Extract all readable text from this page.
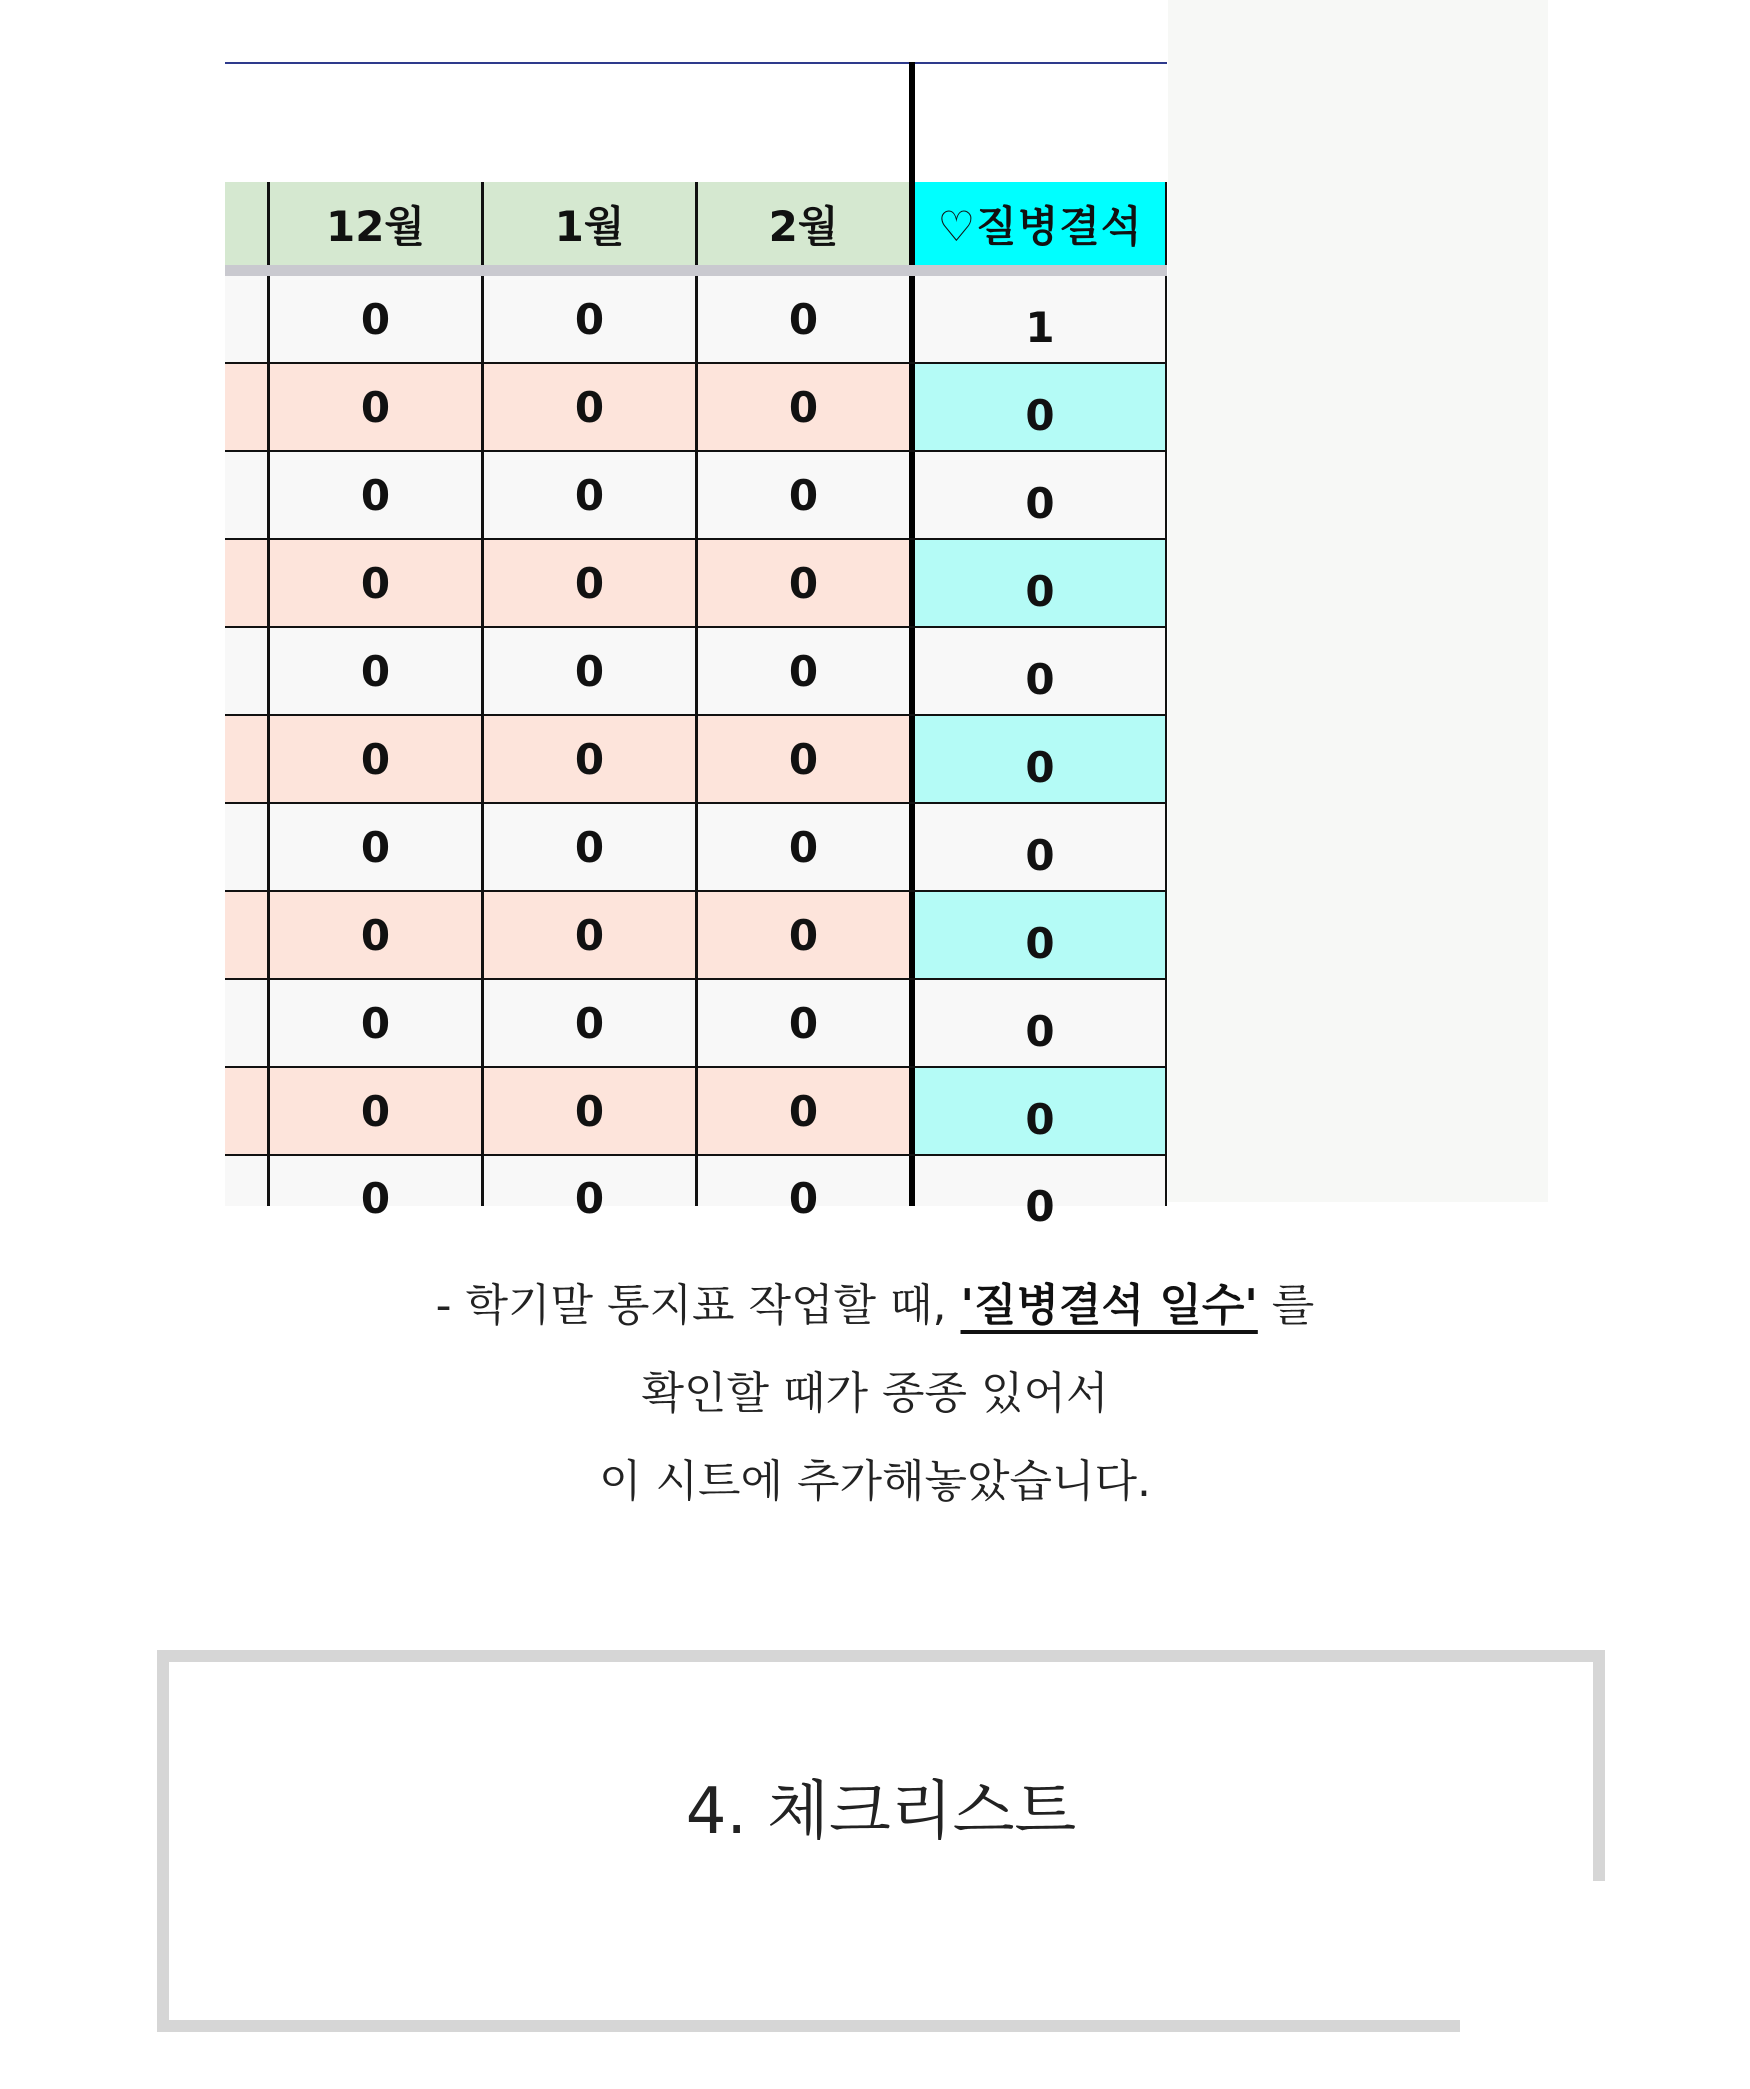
12월	1월	2월	♡질병결석
0	0	0	1
0	0	0	0
0	0	0	0
0	0	0	0
0	0	0	0
0	0	0	0
0	0	0	0
0	0	0	0
0	0	0	0
0	0	0	0
0	0	0	0
- 학기말 통지표 작업할 때, '질병결석 일수' 를
확인할 때가 종종 있어서
이 시트에 추가해놓았습니다.
4. 체크리스트
